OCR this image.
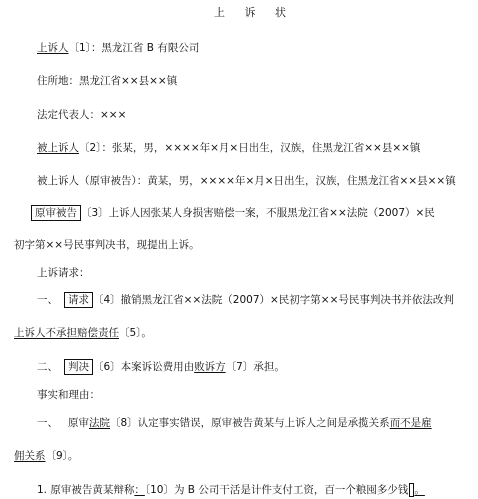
上 诉 状
上诉人〔1〕：黑龙江省 B 有限公司
住所地：黑龙江省××县××镇
法定代表人：×××
被上诉人〔2〕：张某，男，××××年×月×日出生，汉族，住黑龙江省××县××镇
被上诉人（原审被告）：黄某，男，××××年×月×日出生，汉族，住黑龙江省××县××镇
原审被告 〔3〕上诉人因张某人身损害赔偿一案，不服黑龙江省××法院（2007）×民
初字第××号民事判决书，现提出上诉。
上诉请求：
一、 请求 〔4〕撤销黑龙江省××法院（2007）×民初字第××号民事判决书并依法改判
上诉人不承担赔偿责任〔5〕。
二、 判决 〔6〕本案诉讼费用由败诉方〔7〕承担。
事实和理由：
一、 原审法院〔8〕认定事实错误，原审被告黄某与上诉人之间是承揽关系而不是雇
佣关系〔9〕。
1. 原审被告黄某辩称：〔10〕为 B 公司干活是计件支付工资，百一个粮囤多少钱 。
